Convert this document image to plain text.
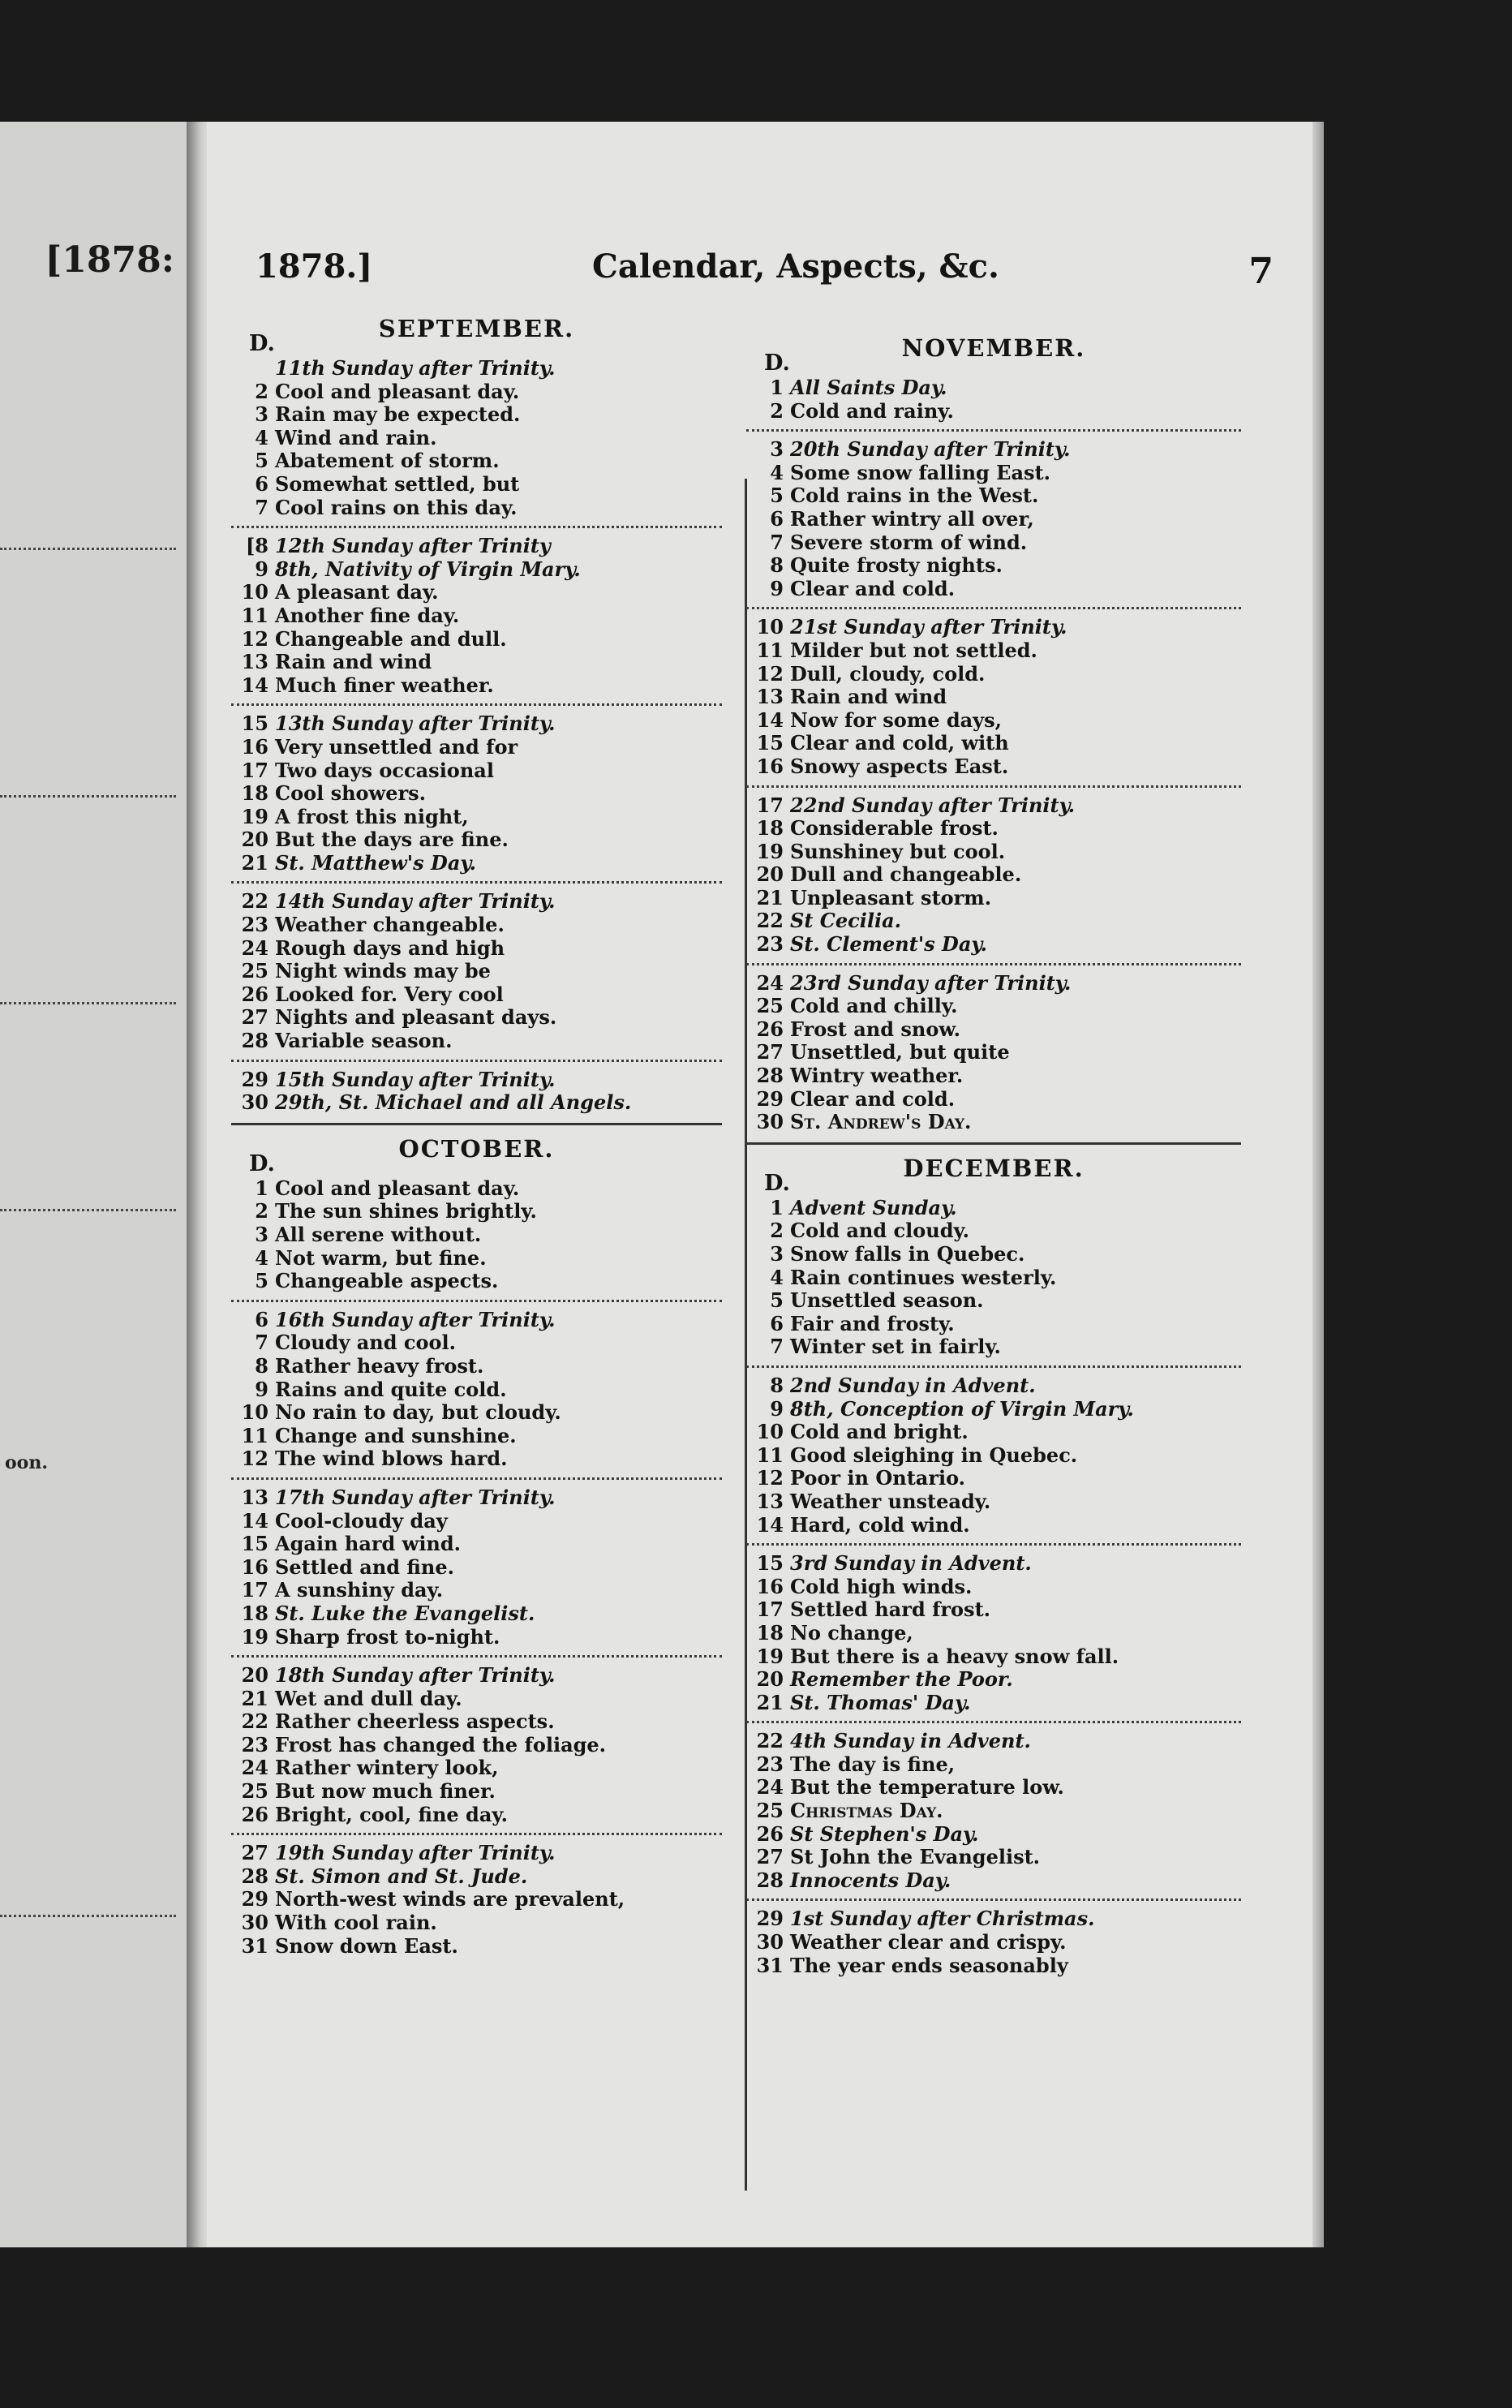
[1878:
oon.
1878.]	Calendar, Aspects, &c.	7
SEPTEMBER.
D.
11th Sunday after Trinity.
2 Cool and pleasant day.
3 Rain may be expected.
4 Wind and rain.
5 Abatement of storm.
6 Somewhat settled, but
7 Cool rains on this day.
[8 12th Sunday after Trinity
9 8th, Nativity of Virgin Mary.
10 A pleasant day.
11 Another fine day.
12 Changeable and dull.
13 Rain and wind
14 Much finer weather.
15 13th Sunday after Trinity.
16 Very unsettled and for
17 Two days occasional
18 Cool showers.
19 A frost this night,
20 But the days are fine.
21 St. Matthew's Day.
22 14th Sunday after Trinity.
23 Weather changeable.
24 Rough days and high
25 Night winds may be
26 Looked for. Very cool
27 Nights and pleasant days.
28 Variable season.
29 15th Sunday after Trinity.
30 29th, St. Michael and all Angels.
OCTOBER.
D.
1 Cool and pleasant day.
2 The sun shines brightly.
3 All serene without.
4 Not warm, but fine.
5 Changeable aspects.
6 16th Sunday after Trinity.
7 Cloudy and cool.
8 Rather heavy frost.
9 Rains and quite cold.
10 No rain to day, but cloudy.
11 Change and sunshine.
12 The wind blows hard.
13 17th Sunday after Trinity.
14 Cool-cloudy day
15 Again hard wind.
16 Settled and fine.
17 A sunshiny day.
18 St. Luke the Evangelist.
19 Sharp frost to-night.
20 18th Sunday after Trinity.
21 Wet and dull day.
22 Rather cheerless aspects.
23 Frost has changed the foliage.
24 Rather wintery look,
25 But now much finer.
26 Bright, cool, fine day.
27 19th Sunday after Trinity.
28 St. Simon and St. Jude.
29 North-west winds are prevalent,
30 With cool rain.
31 Snow down East.
NOVEMBER.
D.
1 All Saints Day.
2 Cold and rainy.
3 20th Sunday after Trinity.
4 Some snow falling East.
5 Cold rains in the West.
6 Rather wintry all over,
7 Severe storm of wind.
8 Quite frosty nights.
9 Clear and cold.
10 21st Sunday after Trinity.
11 Milder but not settled.
12 Dull, cloudy, cold.
13 Rain and wind
14 Now for some days,
15 Clear and cold, with
16 Snowy aspects East.
17 22nd Sunday after Trinity.
18 Considerable frost.
19 Sunshiney but cool.
20 Dull and changeable.
21 Unpleasant storm.
22 St Cecilia.
23 St. Clement's Day.
24 23rd Sunday after Trinity.
25 Cold and chilly.
26 Frost and snow.
27 Unsettled, but quite
28 Wintry weather.
29 Clear and cold.
30 St. Andrew's Day.
DECEMBER.
D.
1 Advent Sunday.
2 Cold and cloudy.
3 Snow falls in Quebec.
4 Rain continues westerly.
5 Unsettled season.
6 Fair and frosty.
7 Winter set in fairly.
8 2nd Sunday in Advent.
9 8th, Conception of Virgin Mary.
10 Cold and bright.
11 Good sleighing in Quebec.
12 Poor in Ontario.
13 Weather unsteady.
14 Hard, cold wind.
15 3rd Sunday in Advent.
16 Cold high winds.
17 Settled hard frost.
18 No change,
19 But there is a heavy snow fall.
20 Remember the Poor.
21 St. Thomas' Day.
22 4th Sunday in Advent.
23 The day is fine,
24 But the temperature low.
25 Christmas Day.
26 St Stephen's Day.
27 St John the Evangelist.
28 Innocents Day.
29 1st Sunday after Christmas.
30 Weather clear and crispy.
31 The year ends seasonably
